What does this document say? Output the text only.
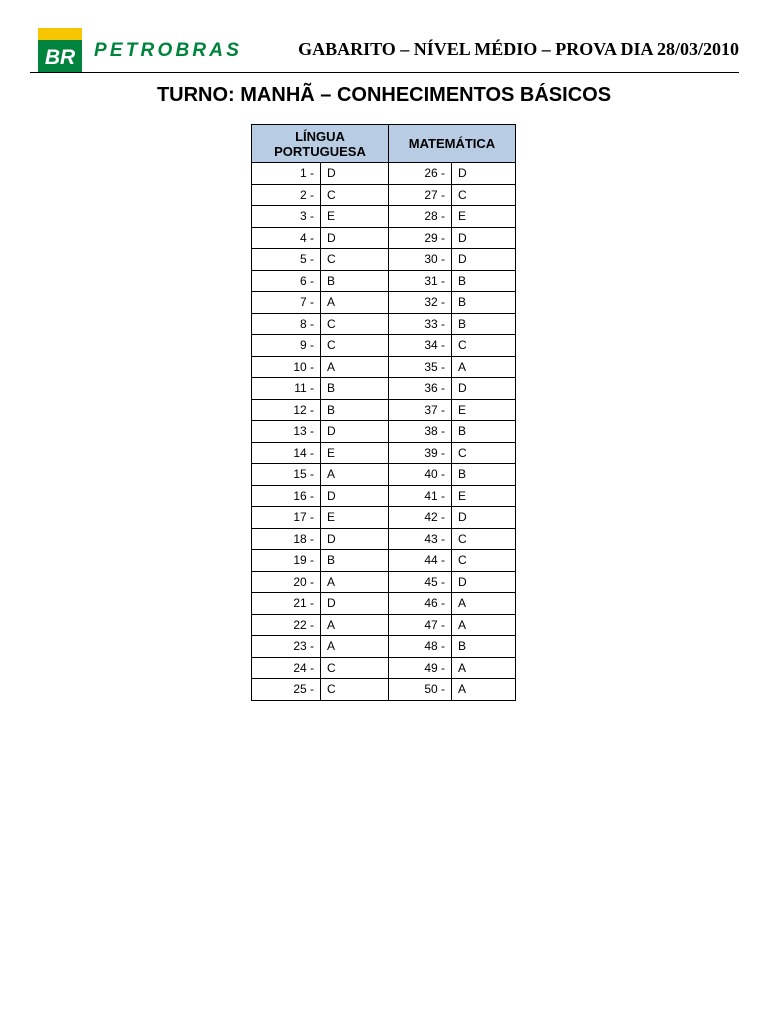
BR PETROBRAS	GABARITO – NÍVEL MÉDIO – PROVA DIA 28/03/2010
TURNO: MANHÃ – CONHECIMENTOS BÁSICOS
LÍNGUA PORTUGUESA		MATEMÁTICA	
1 -	D	26 -	D
2 -	C	27 -	C
3 -	E	28 -	E
4 -	D	29 -	D
5 -	C	30 -	D
6 -	B	31 -	B
7 -	A	32 -	B
8 -	C	33 -	B
9 -	C	34 -	C
10 -	A	35 -	A
11 -	B	36 -	D
12 -	B	37 -	E
13 -	D	38 -	B
14 -	E	39 -	C
15 -	A	40 -	B
16 -	D	41 -	E
17 -	E	42 -	D
18 -	D	43 -	C
19 -	B	44 -	C
20 -	A	45 -	D
21 -	D	46 -	A
22 -	A	47 -	A
23 -	A	48 -	B
24 -	C	49 -	A
25 -	C	50 -	A
